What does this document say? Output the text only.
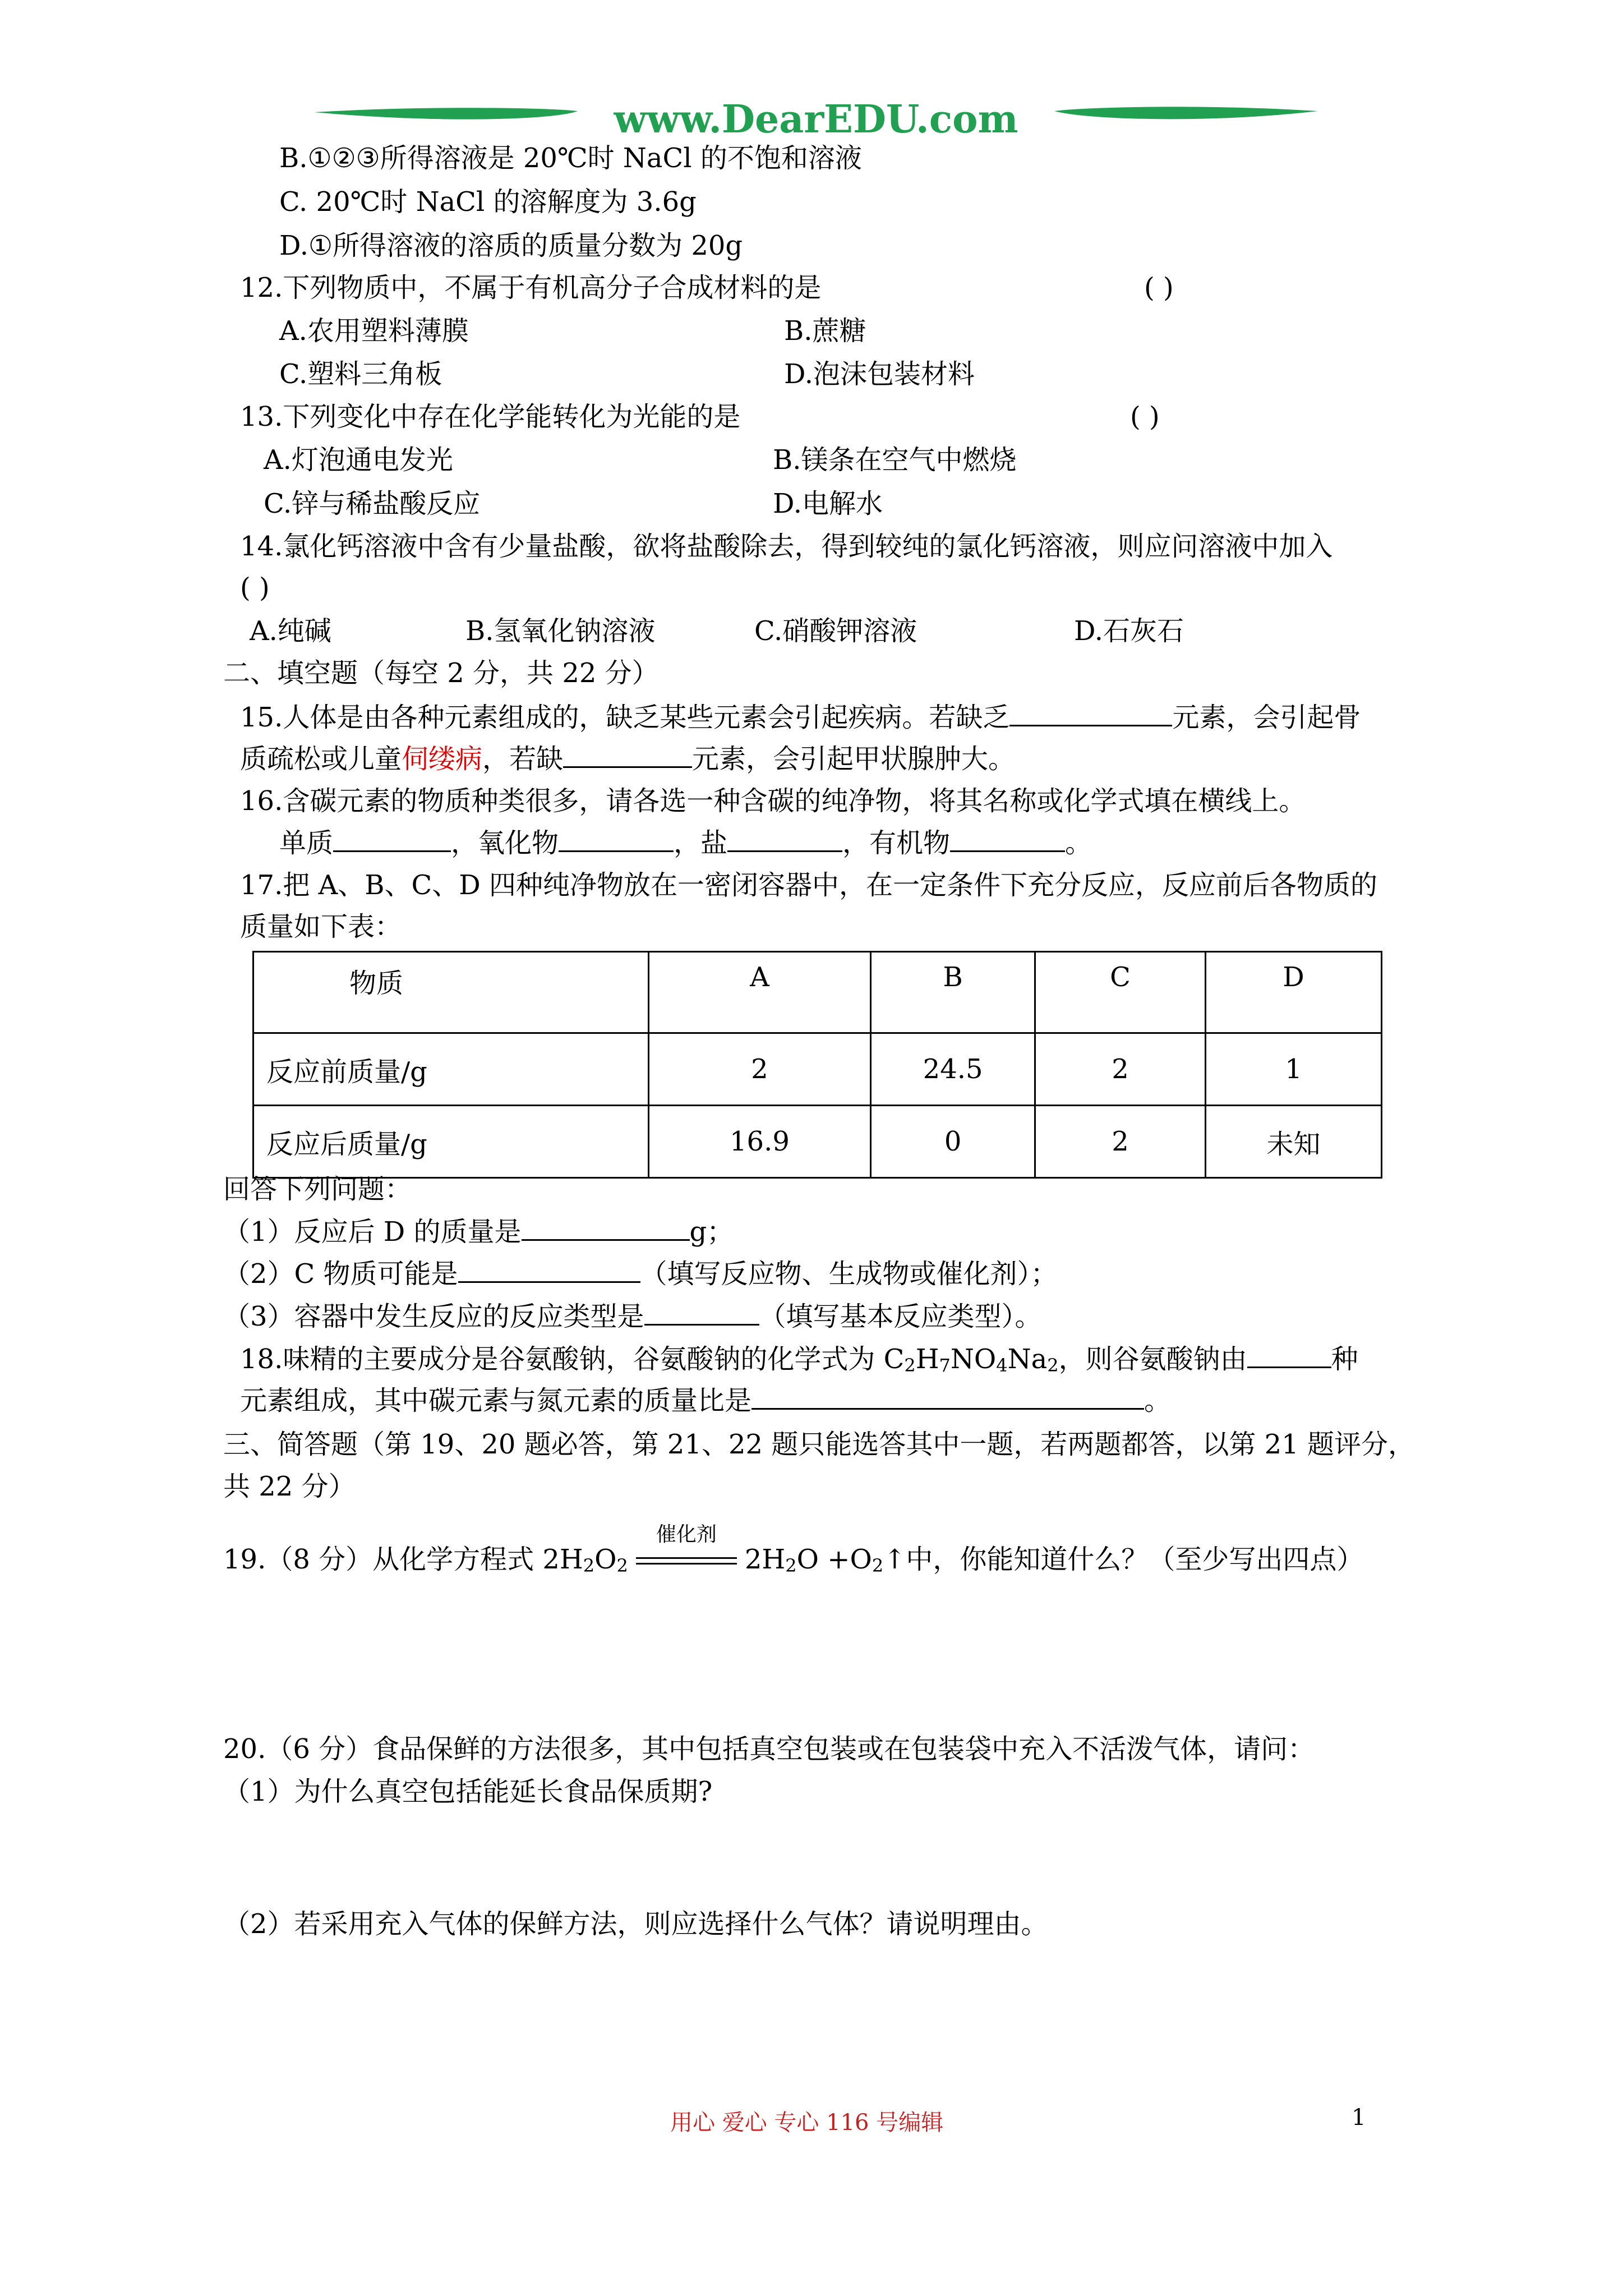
www.DearEDU.com
B.①②③所得溶液是 20℃时 NaCl 的不饱和溶液
C. 20℃时 NaCl 的溶解度为 3.6g
D.①所得溶液的溶质的质量分数为 20g
12.下列物质中，不属于有机高分子合成材料的是	( )
A.农用塑料薄膜	B.蔗糖
C.塑料三角板	D.泡沫包装材料
13.下列变化中存在化学能转化为光能的是	( )
A.灯泡通电发光	B.镁条在空气中燃烧
C.锌与稀盐酸反应	D.电解水
14.氯化钙溶液中含有少量盐酸，欲将盐酸除去，得到较纯的氯化钙溶液，则应问溶液中加入
( )
A.纯碱	B.氢氧化钠溶液	C.硝酸钾溶液	D.石灰石
二、填空题（每空 2 分，共 22 分）
15.人体是由各种元素组成的，缺乏某些元素会引起疾病。若缺乏	元素，会引起骨
质疏松或儿童伺缕病，若缺	元素，会引起甲状腺肿大。
16.含碳元素的物质种类很多，请各选一种含碳的纯净物，将其名称或化学式填在横线上。
单质	，氧化物	，盐	，有机物	。
17.把 A、B、C、D 四种纯净物放在一密闭容器中，在一定条件下充分反应，反应前后各物质的
质量如下表：
物质	A	B	C	D
反应前质量/g	2	24.5	2	1
反应后质量/g	16.9	0	2	未知
回答下列问题：
（1）反应后 D 的质量是	g；
（2）C 物质可能是	（填写反应物、生成物或催化剂）；
（3）容器中发生反应的反应类型是	（填写基本反应类型）。
18.味精的主要成分是谷氨酸钠，谷氨酸钠的化学式为 $C_2H_7NO_4Na_2$，则谷氨酸钠由	种
元素组成，其中碳元素与氮元素的质量比是	。
三、简答题（第 19、20 题必答，第 21、22 题只能选答其中一题，若两题都答，以第 21 题评分，
共 22 分）
19.（8 分）从化学方程式 $2H_2O_2$
催化剂
$2H_2O$ $+O_2↑$中，你能知道什么？（至少写出四点）
20.（6 分）食品保鲜的方法很多，其中包括真空包装或在包装袋中充入不活泼气体，请问：
（1）为什么真空包括能延长食品保质期?
（2）若采用充入气体的保鲜方法，则应选择什么气体？请说明理由。
用心 爱心 专心 116 号编辑	1
